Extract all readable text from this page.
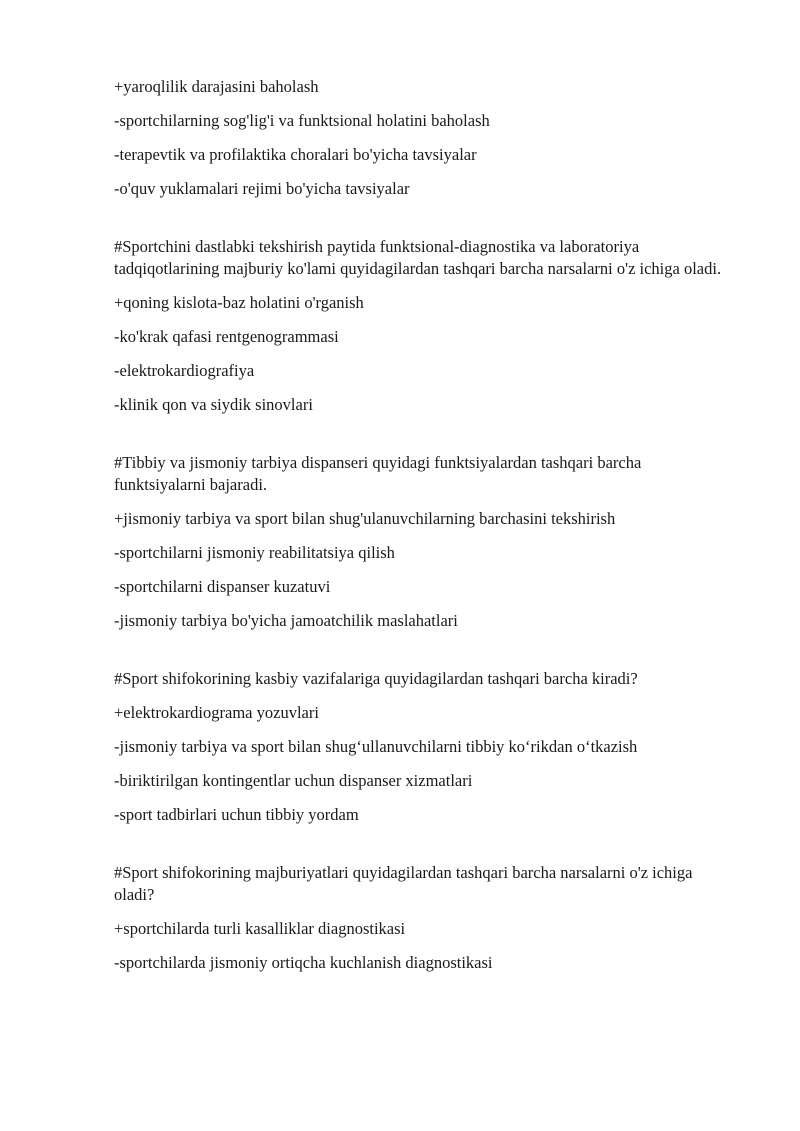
+yaroqlilik darajasini baholash

-sportchilarning sog'lig'i va funktsional holatini baholash

-terapevtik va profilaktika choralari bo'yicha tavsiyalar

-o'quv yuklamalari rejimi bo'yicha tavsiyalar

#Sportchini dastlabki tekshirish paytida funktsional-diagnostika va laboratoriya tadqiqotlarining majburiy ko'lami quyidagilardan tashqari barcha narsalarni o'z ichiga oladi.

+qoning kislota-baz holatini o'rganish

-ko'krak qafasi rentgenogrammasi

-elektrokardiografiya

-klinik qon va siydik sinovlari

#Tibbiy va jismoniy tarbiya dispanseri quyidagi funktsiyalardan tashqari barcha funktsiyalarni bajaradi.

+jismoniy tarbiya va sport bilan shug'ulanuvchilarning barchasini tekshirish

-sportchilarni jismoniy reabilitatsiya qilish

-sportchilarni dispanser kuzatuvi

-jismoniy tarbiya bo'yicha jamoatchilik maslahatlari

#Sport shifokorining kasbiy vazifalariga quyidagilardan tashqari barcha kiradi?

+elektrokardiograma yozuvlari

-jismoniy tarbiya va sport bilan shug‘ullanuvchilarni tibbiy ko‘rikdan o‘tkazish

-biriktirilgan kontingentlar uchun dispanser xizmatlari

-sport tadbirlari uchun tibbiy yordam

#Sport shifokorining majburiyatlari quyidagilardan tashqari barcha narsalarni o'z ichiga oladi?

+sportchilarda turli kasalliklar diagnostikasi

-sportchilarda jismoniy ortiqcha kuchlanish diagnostikasi
